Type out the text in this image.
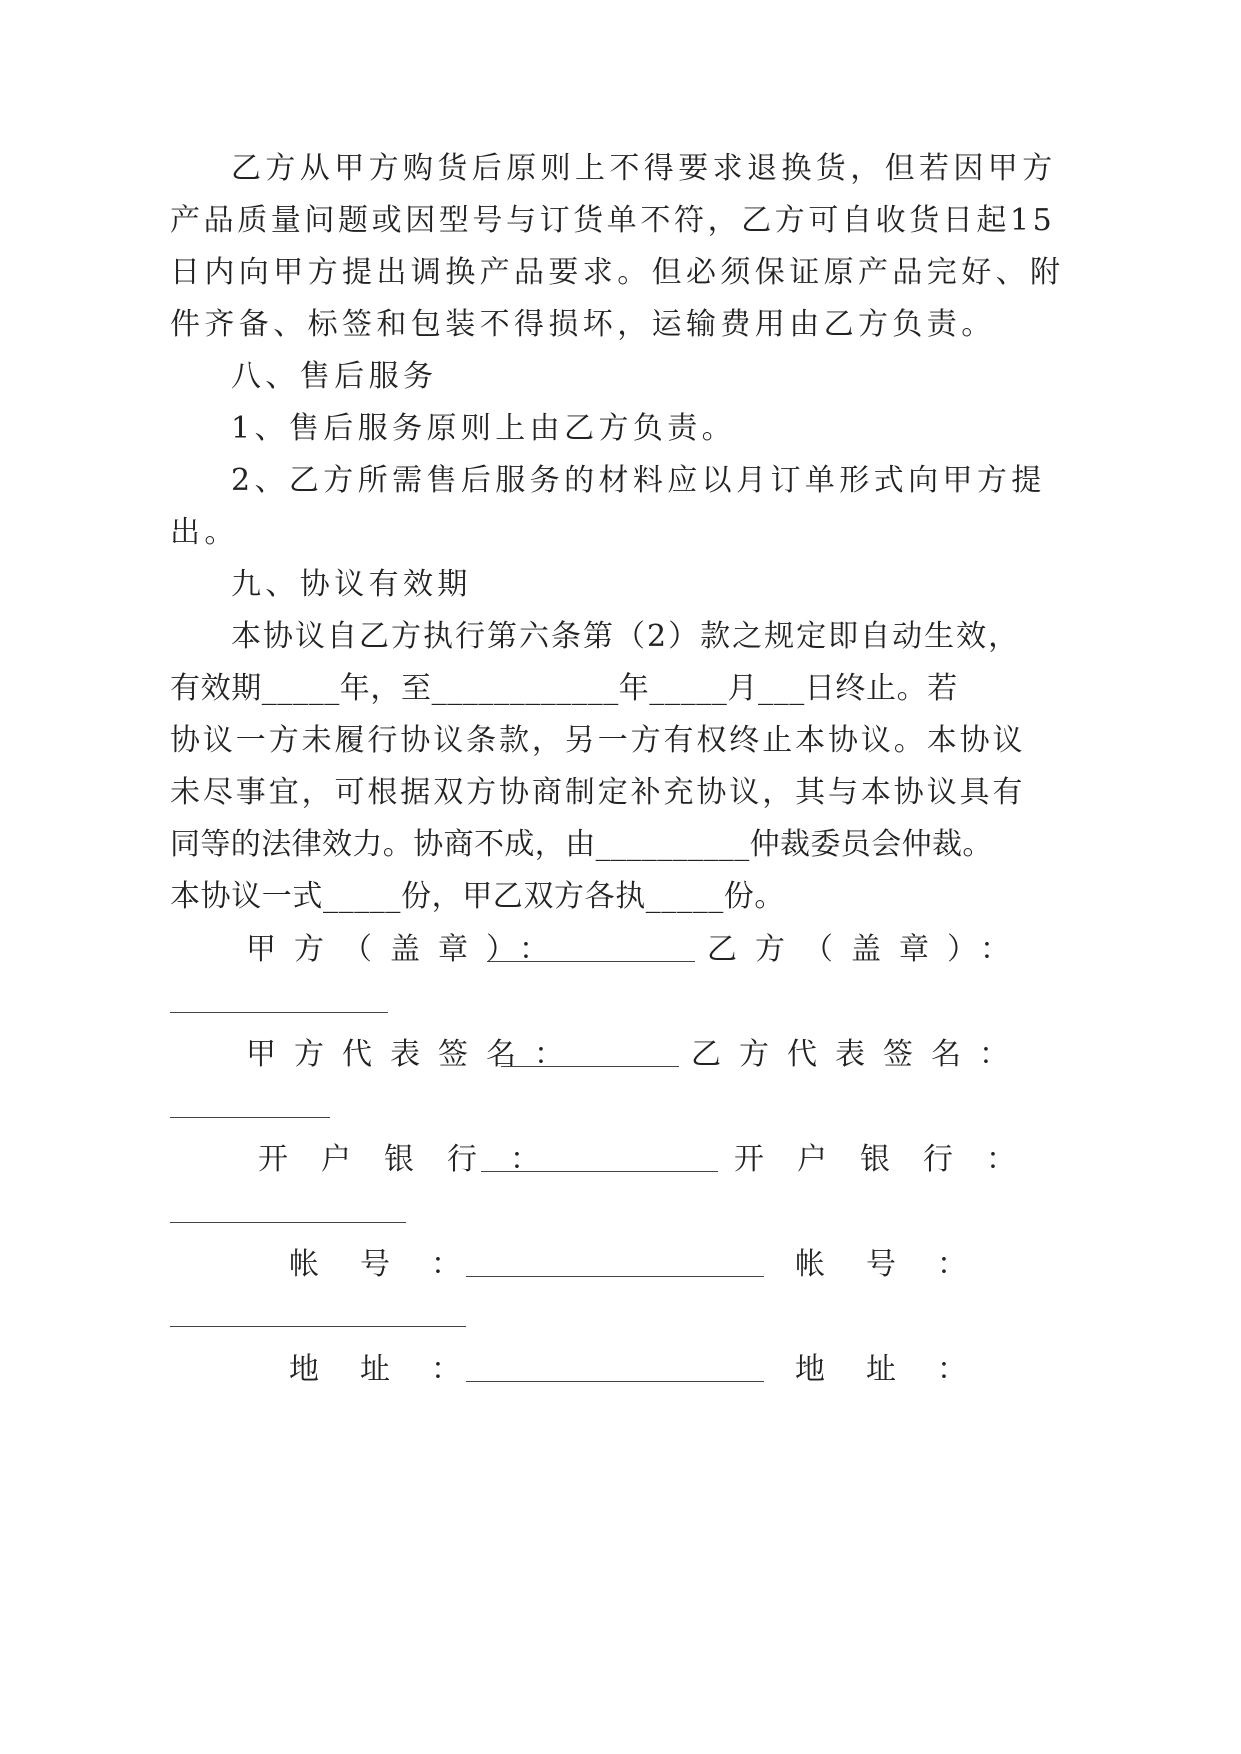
乙方从甲方购货后原则上不得要求退换货，但若因甲方
产品质量问题或因型号与订货单不符，乙方可自收货日起15
日内向甲方提出调换产品要求。但必须保证原产品完好、附
件齐备、标签和包装不得损坏，运输费用由乙方负责。
八、售后服务
1、售后服务原则上由乙方负责。
2、乙方所需售后服务的材料应以月订单形式向甲方提
出。
九、协议有效期
本协议自乙方执行第六条第（2）款之规定即自动生效，
有效期_____年，至____________年_____月___日终止。若
协议一方未履行协议条款，另一方有权终止本协议。本协议
未尽事宜，可根据双方协商制定补充协议，其与本协议具有
同等的法律效力。协商不成，由__________仲裁委员会仲裁。
本协议一式_____份，甲乙双方各执_____份。
甲方（盖章）：	乙方（盖章）：
甲方代表签名：	乙方代表签名：
开户银行：	开户银行：
帐号：	帐号：
地址：	地址：
